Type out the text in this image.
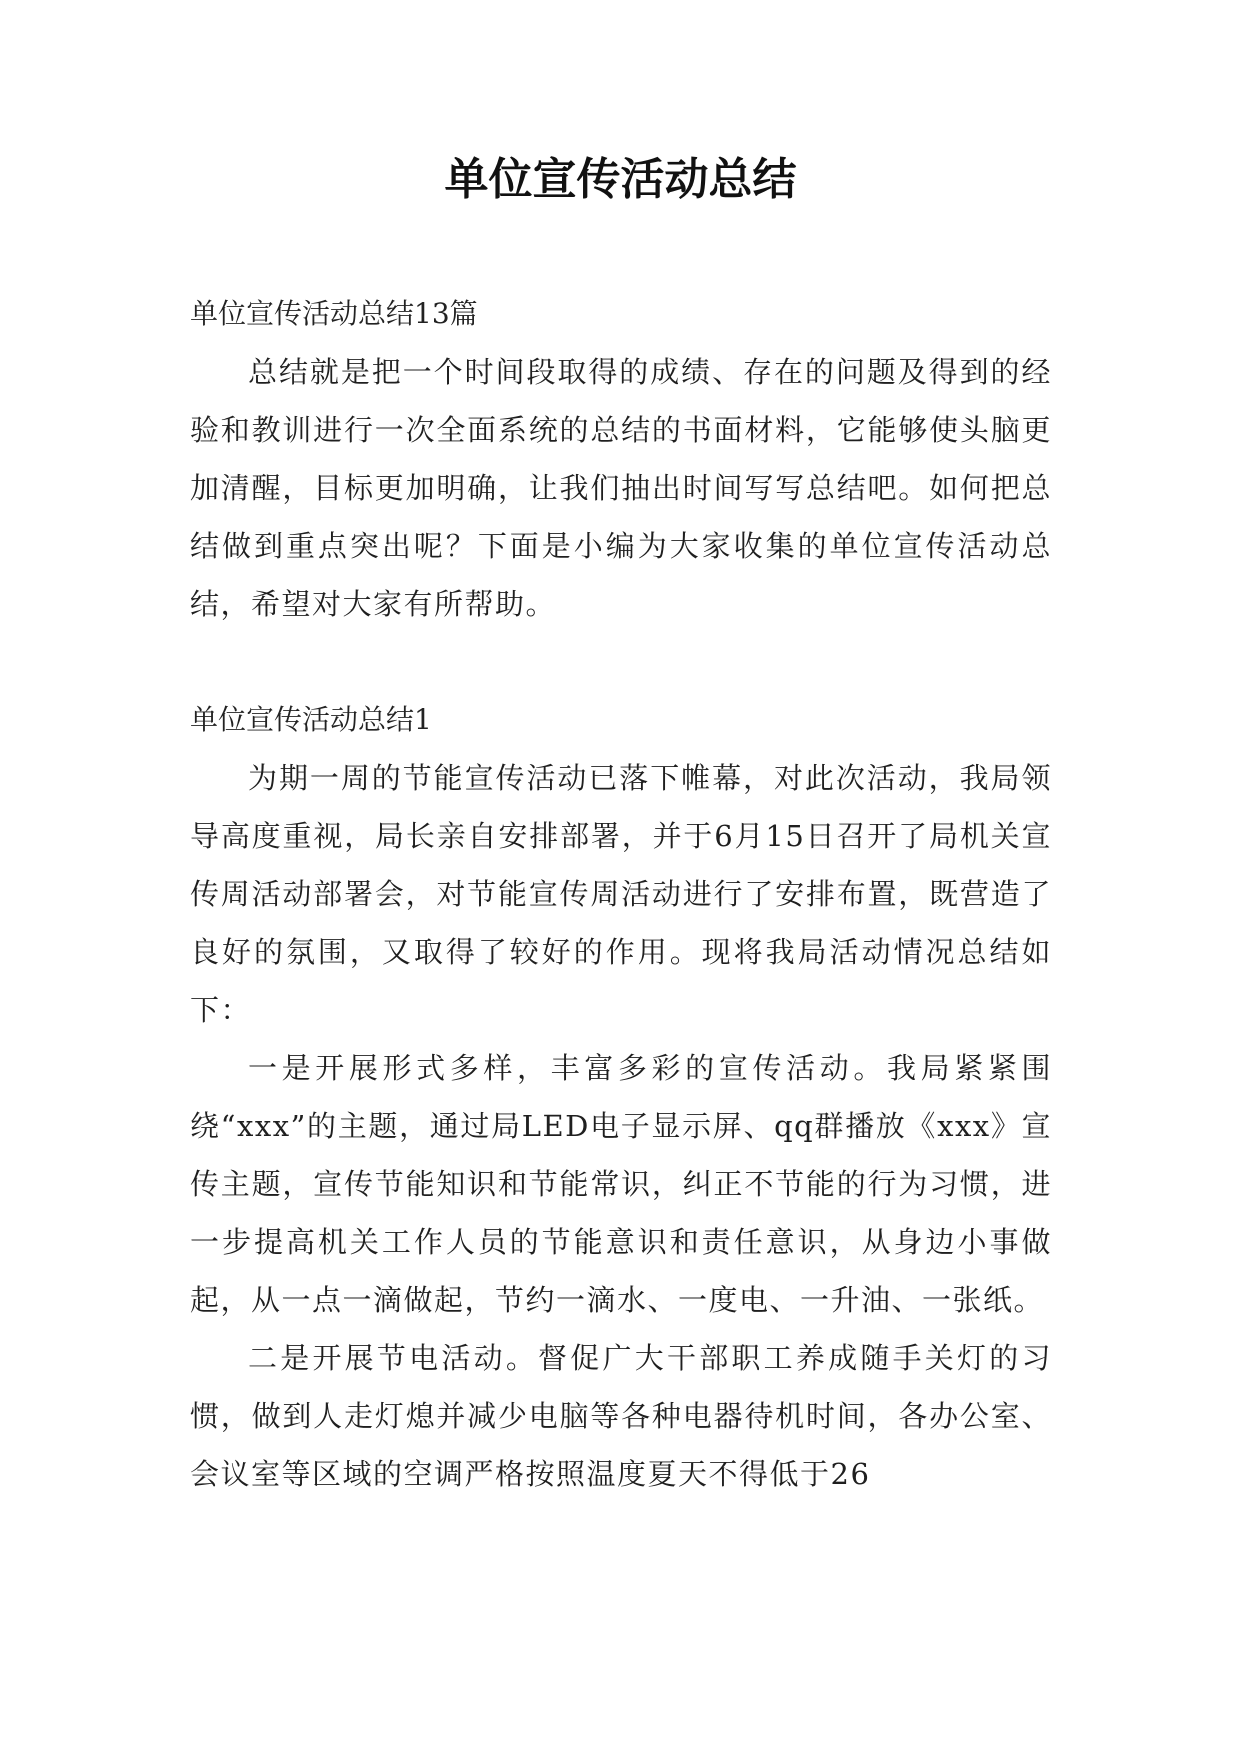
单位宣传活动总结

单位宣传活动总结13篇

总结就是把一个时间段取得的成绩、存在的问题及得到的经验和教训进行一次全面系统的总结的书面材料，它能够使头脑更加清醒，目标更加明确，让我们抽出时间写写总结吧。如何把总结做到重点突出呢？下面是小编为大家收集的单位宣传活动总结，希望对大家有所帮助。

单位宣传活动总结1

为期一周的节能宣传活动已落下帷幕，对此次活动，我局领导高度重视，局长亲自安排部署，并于6月15日召开了局机关宣传周活动部署会，对节能宣传周活动进行了安排布置，既营造了良好的氛围，又取得了较好的作用。现将我局活动情况总结如下：

一是开展形式多样，丰富多彩的宣传活动。我局紧紧围绕“xxx”的主题，通过局LED电子显示屏、qq群播放《xxx》宣传主题，宣传节能知识和节能常识，纠正不节能的行为习惯，进一步提高机关工作人员的节能意识和责任意识，从身边小事做起，从一点一滴做起，节约一滴水、一度电、一升油、一张纸。

二是开展节电活动。督促广大干部职工养成随手关灯的习惯，做到人走灯熄并减少电脑等各种电器待机时间，各办公室、会议室等区域的空调严格按照温度夏天不得低于26
